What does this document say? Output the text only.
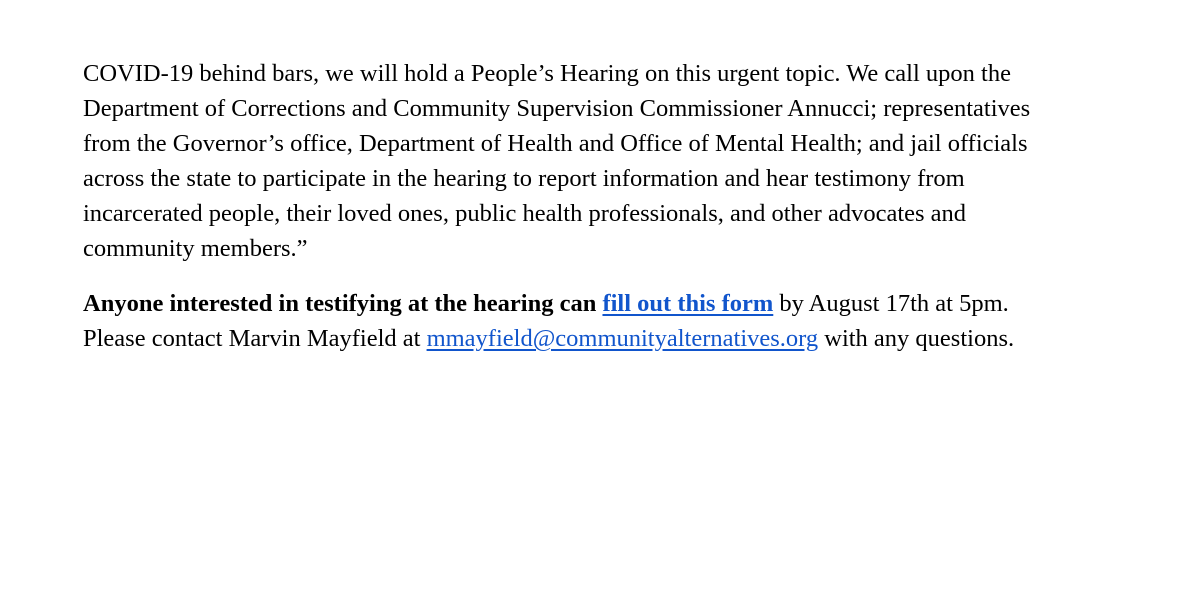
COVID-19 behind bars, we will hold a People’s Hearing on this urgent topic. We call upon the
Department of Corrections and Community Supervision Commissioner Annucci; representatives
from the Governor’s office, Department of Health and Office of Mental Health; and jail officials
across the state to participate in the hearing to report information and hear testimony from
incarcerated people, their loved ones, public health professionals, and other advocates and
community members.”

Anyone interested in testifying at the hearing can fill out this form by August 17th at 5pm.
Please contact Marvin Mayfield at mmayfield@communityalternatives.org with any questions.
